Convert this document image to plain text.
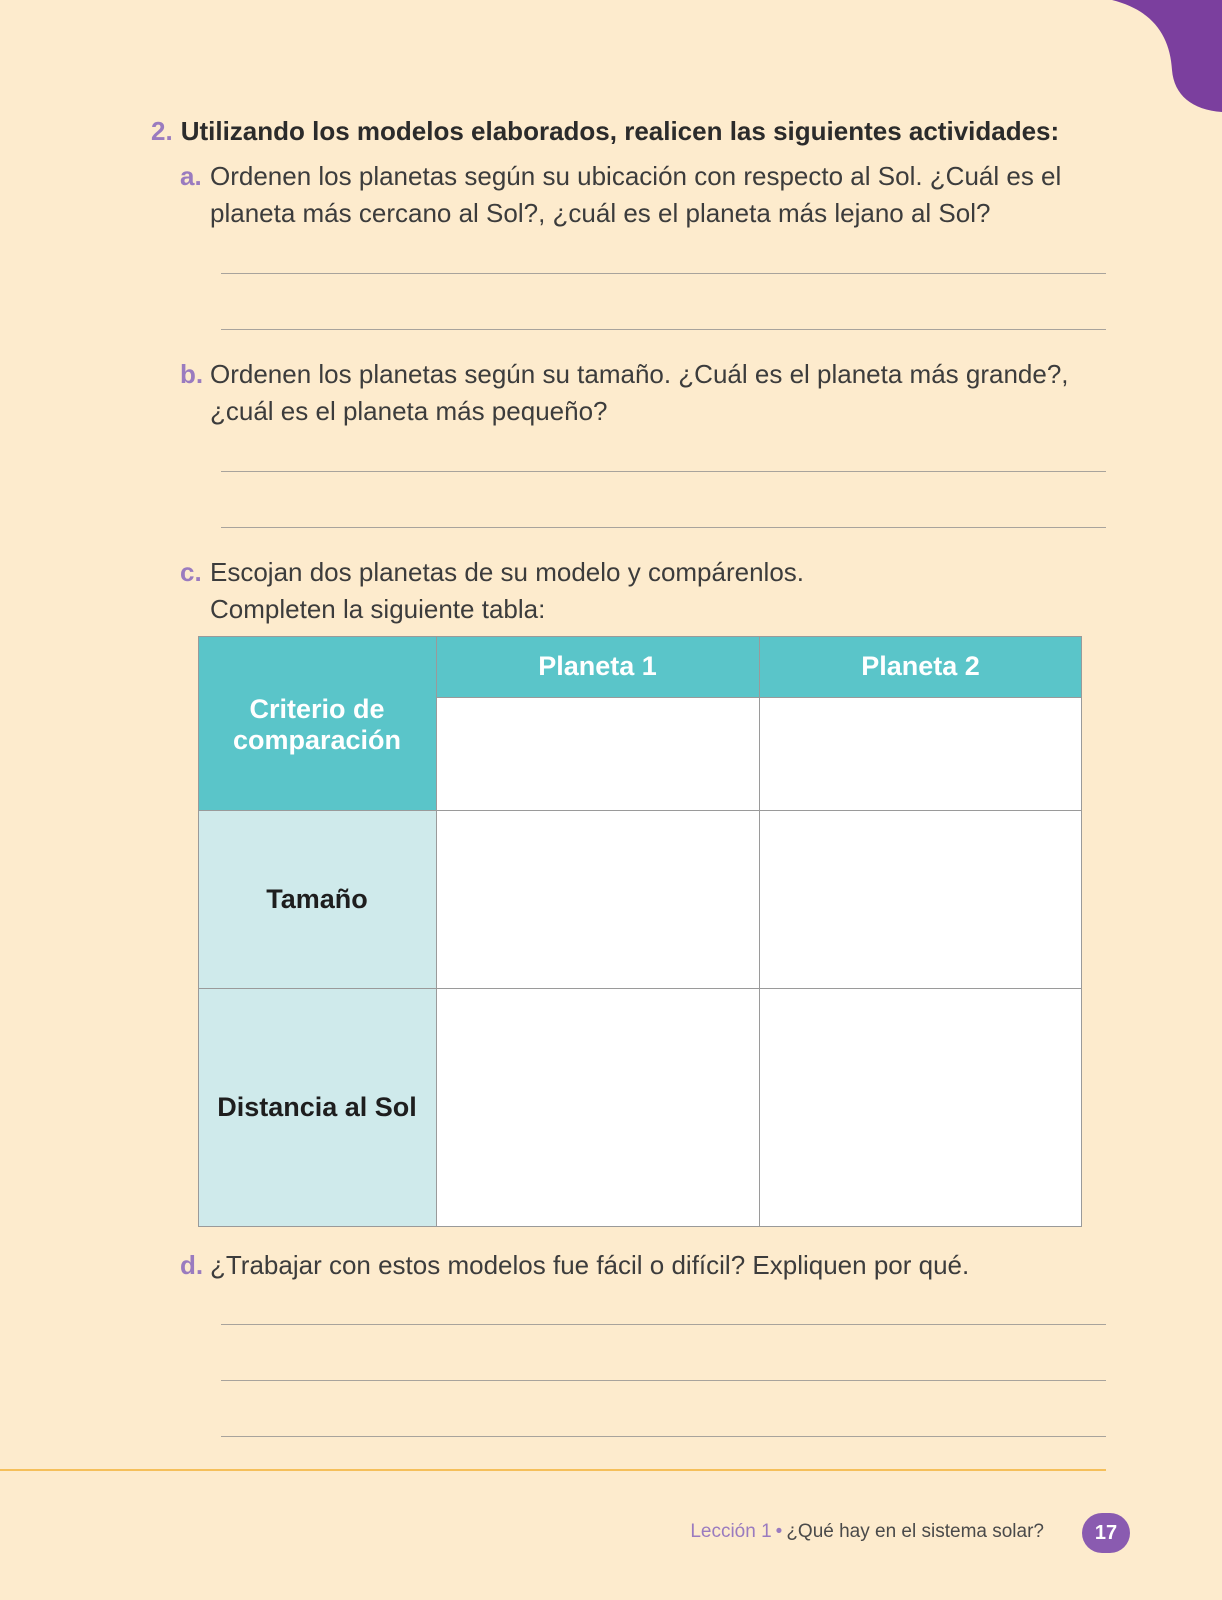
2. Utilizando los modelos elaborados, realicen las siguientes actividades:
a. Ordenen los planetas según su ubicación con respecto al Sol. ¿Cuál es el
planeta más cercano al Sol?, ¿cuál es el planeta más lejano al Sol?
b. Ordenen los planetas según su tamaño. ¿Cuál es el planeta más grande?,
¿cuál es el planeta más pequeño?
c. Escojan dos planetas de su modelo y compárenlos.
Completen la siguiente tabla:
Criterio de comparación
Planeta 1	Planeta 2
Tamaño
Distancia al Sol
d. ¿Trabajar con estos modelos fue fácil o difícil? Expliquen por qué.
Lección 1 • ¿Qué hay en el sistema solar?	17
